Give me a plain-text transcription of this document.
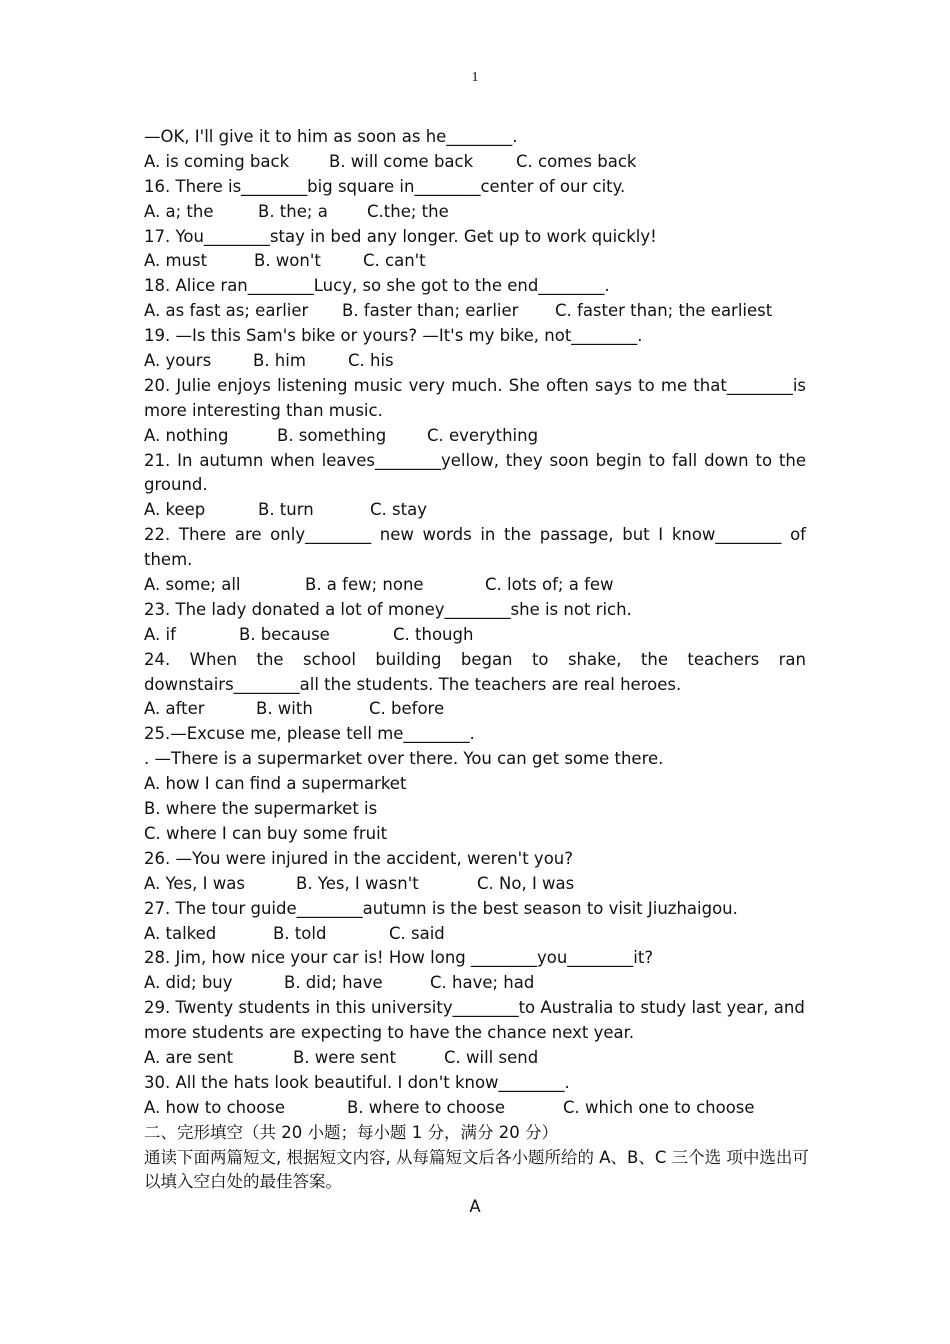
1
—OK, I'll give it to him as soon as he________.
A. is coming back	B. will come back	C. comes back
16. There is________big square in________center of our city.
A. a; the	B. the; a	C.the; the
17. You________stay in bed any longer. Get up to work quickly!
A. must	B. won't	C. can't
18. Alice ran________Lucy, so she got to the end________.
A. as fast as; earlier	B. faster than; earlier	C. faster than; the earliest
19. —Is this Sam's bike or yours? —It's my bike, not________.
A. yours	B. him	C. his
20. Julie enjoys listening music very much. She often says to me that________is
more interesting than music.
A. nothing	B. something	C. everything
21. In autumn when leaves________yellow, they soon begin to fall down to the
ground.
A. keep	B. turn	C. stay
22. There are only________ new words in the passage, but I know________ of
them.
A. some; all	B. a few; none	C. lots of; a few
23. The lady donated a lot of money________she is not rich.
A. if	B. because	C. though
24. When the school building began to shake, the teachers ran
downstairs________all the students. The teachers are real heroes.
A. after	B. with	C. before
25.—Excuse me, please tell me________.
. —There is a supermarket over there. You can get some there.
A. how I can find a supermarket
B. where the supermarket is
C. where I can buy some fruit
26. —You were injured in the accident, weren't you?
A. Yes, I was	B. Yes, I wasn't	C. No, I was
27. The tour guide________autumn is the best season to visit Jiuzhaigou.
A. talked	B. told	C. said
28. Jim, how nice your car is! How long ________you________it?
A. did; buy	B. did; have	C. have; had
29. Twenty students in this university________to Australia to study last year, and
more students are expecting to have the chance next year.
A. are sent	B. were sent	C. will send
30. All the hats look beautiful. I don't know________.
A. how to choose	B. where to choose	C. which one to choose
二、完形填空（共 20 小题；每小题 1 分，满分 20 分）
通读下面两篇短文, 根据短文内容, 从每篇短文后各小题所给的 A、B、C 三个选 项中选出可
以填入空白处的最佳答案。
A
